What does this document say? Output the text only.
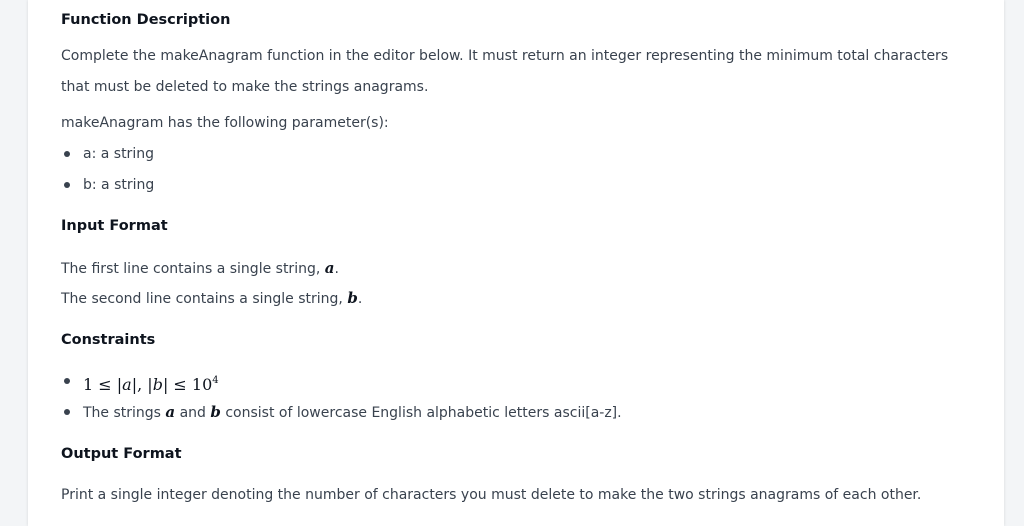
Function Description
Complete the makeAnagram function in the editor below. It must return an integer representing the minimum total characters
that must be deleted to make the strings anagrams.
makeAnagram has the following parameter(s):
a: a string
b: a string
Input Format
The first line contains a single string, a.
The second line contains a single string, b.
Constraints
1 ≤ |a|, $|b| \le 10^4$
The strings a and b consist of lowercase English alphabetic letters ascii[a-z].
Output Format
Print a single integer denoting the number of characters you must delete to make the two strings anagrams of each other.
